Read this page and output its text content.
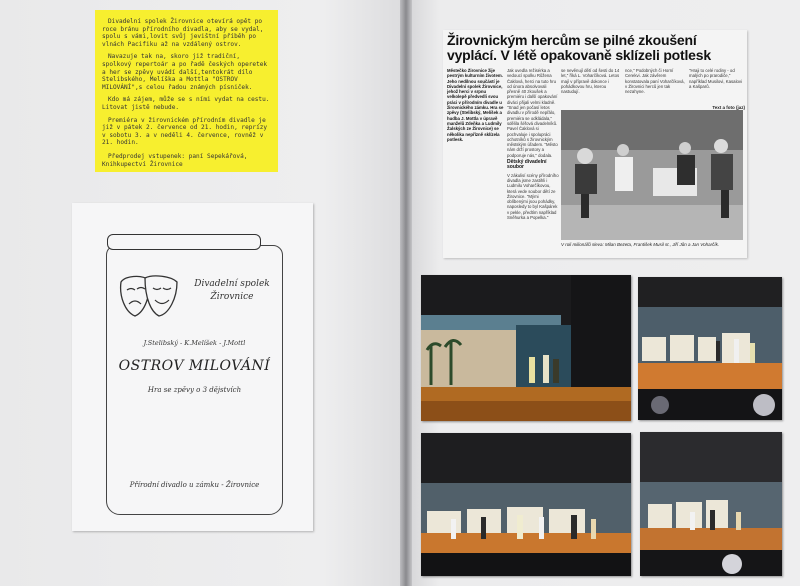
Divadelní spolek Žirovnice otevírá opět po roce bránu přírodního divadla, aby se vydal, spolu s vámi,lovit svůj jevištní příběh po vlnách Pacifiku až na vzdálený ostrov.

Navazuje tak na, skoro již tradiční, spolkový repertoár a po řadě českých operetek a her se zpěvy uvádí další,tentokrát dílo Stelibského, Melíška a Mottla "OSTROV MILOVÁNÍ",s celou řadou známých písniček.

Kdo má zájem, může se s ními vydat na cestu. Litovat jistě nebude.

Premiéra v žirovnickém přírodním divadle je již v pátek 2. července od 21. hodin, reprízy v sobotu 3. a v neděli 4. července, rovněž v 21. hodin.

Předprodej vstupenek: paní Sepekářová, Knihkupectví Žirovnice

Divadelní spolek
Žirovnice
J.Stelibský - K.Melíšek - J.Mottl
OSTROV MILOVÁNÍ
Hra se zpěvy o 3 dějstvích
Přírodní divadlo u zámku - Žirovnice
Žirovnickým hercům se pilné zkoušení vyplácí. V létě opakovaně sklízeli potlesk
Městečko Žirovnice žije pestrým kulturním životem. Jeho nedílnou součástí je Divadelní spolek Žirovnice, jehož herci v srpnu velkolepě předvedli svou práci v přírodním divadle u žirovnického zámku. Hra se zpěvy (Stelibský, Melíšek a hudba J. Mottla v úpravě manželů Zdeňka a Ludmily Žalských ze Žirovnice) se několika nepřízně sklízela potlesk.
Jak uvedla režisérka a vedoucí spolku Růžena Čaklová, herci na tuto hru od února absolvovali přesně 40 zkoušek a premiéru i další opakování diváci přijali velmi kladně. "Snad jen počasí letos divadlu v přírodě nepřálo, premiéra se odkládala," sdělila šéfová divadelníků. Pavel Čaklová si pochvaluje i spolupráci ochotníků s žirovnickým městským úřadem. "Město nám drží prostory a podporuje nás," dodala.
Dětský divadelní soubor
V zákulisí scény přírodního divadla jsme zastihli i Ludmilu Voharčíkovou, která vede soubor dětí ze Žirovnice. "Mými oblíbenými jsou pohádky, naposledy to byl Kašpárek v pekle, předtím například Sněhurka a Popelka."
se nevěnují dětí od šesti do 14 let," říká L. Voharčíková. Letos mají v přípravě dokonce i pohádkovou hru, kterou nastudují.
nce," Podobných či Horní Cerekvi. Jak závěrem konstatovala paní Voharčíková, v Žirovnici herců jen tak nezahyne.
"Hraji to celé rodiny - od malých po prarodiče," například Musilovi, Kasalovi a Kašparů.
Text a foto (jaz)
V roli milionářů sleva: Milan Bezeta, František Musil st., Jiří Jůn a Jan Voharčík.
